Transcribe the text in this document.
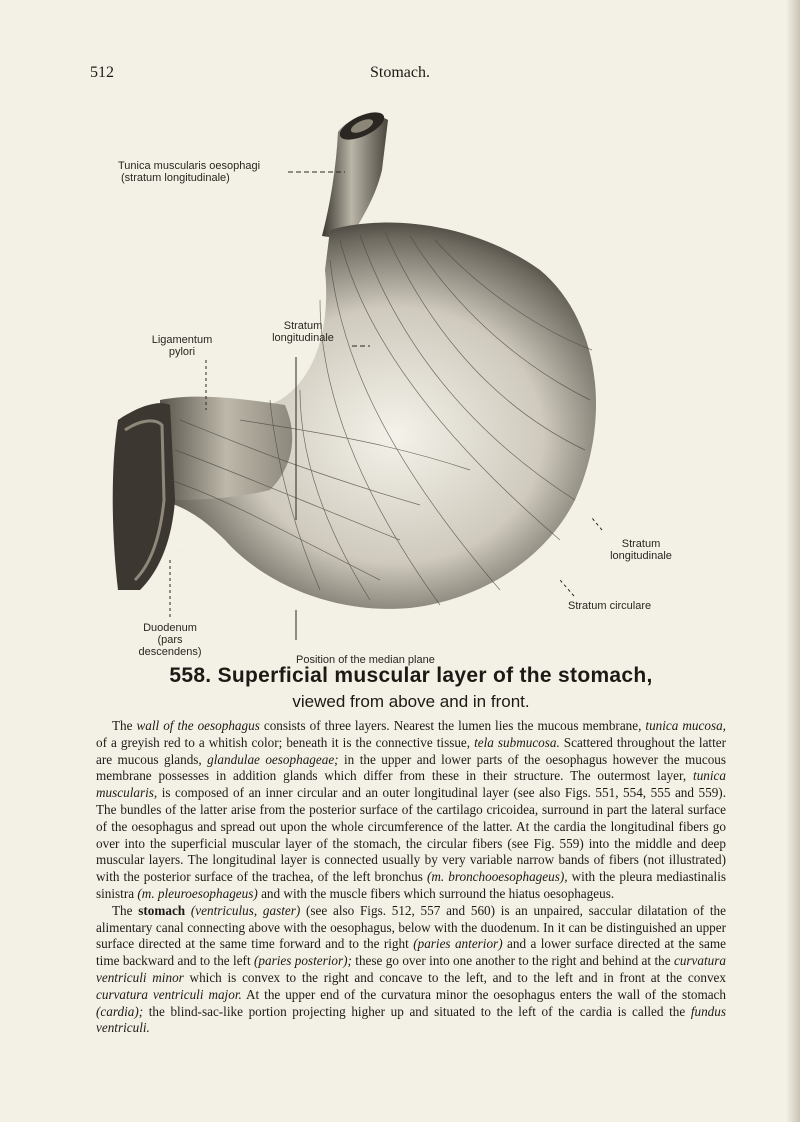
512	Stomach.
Tunica muscularis oesophagi
(stratum longitudinale)
Ligamentum
pylori
Stratum
longitudinale
Stratum
longitudinale
Stratum circulare
Duodenum
(pars
descendens)
Position of the median plane
H.U.
558. Superficial muscular layer of the stomach,
viewed from above and in front.

The wall of the oesophagus consists of three layers. Nearest the lumen lies the mucous membrane, tunica mucosa, of a greyish red to a whitish color; beneath it is the connective tissue, tela submucosa. Scattered throughout the latter are mucous glands, glandulae oesophageae; in the upper and lower parts of the oesophagus however the mucous membrane possesses in addition glands which differ from these in their structure. The outermost layer, tunica muscularis, is composed of an inner circular and an outer longitudinal layer (see also Figs. 551, 554, 555 and 559). The bundles of the latter arise from the posterior surface of the cartilago cricoidea, surround in part the lateral surface of the oesophagus and spread out upon the whole circumference of the latter. At the cardia the longitudinal fibers go over into the superficial muscular layer of the stomach, the circular fibers (see Fig. 559) into the middle and deep muscular layers. The longitudinal layer is connected usually by very variable narrow bands of fibers (not illustrated) with the posterior surface of the trachea, of the left bronchus (m. bronchooesophageus), with the pleura mediastinalis sinistra (m. pleuroesophageus) and with the muscle fibers which surround the hiatus oesophageus.

The stomach (ventriculus, gaster) (see also Figs. 512, 557 and 560) is an unpaired, saccular dilatation of the alimentary canal connecting above with the oesophagus, below with the duodenum. In it can be distinguished an upper surface directed at the same time forward and to the right (paries anterior) and a lower surface directed at the same time backward and to the left (paries posterior); these go over into one another to the right and behind at the curvatura ventriculi minor which is convex to the right and concave to the left, and to the left and in front at the convex curvatura ventriculi major. At the upper end of the curvatura minor the oesophagus enters the wall of the stomach (cardia); the blind-sac-like portion projecting higher up and situated to the left of the cardia is called the fundus ventriculi.
